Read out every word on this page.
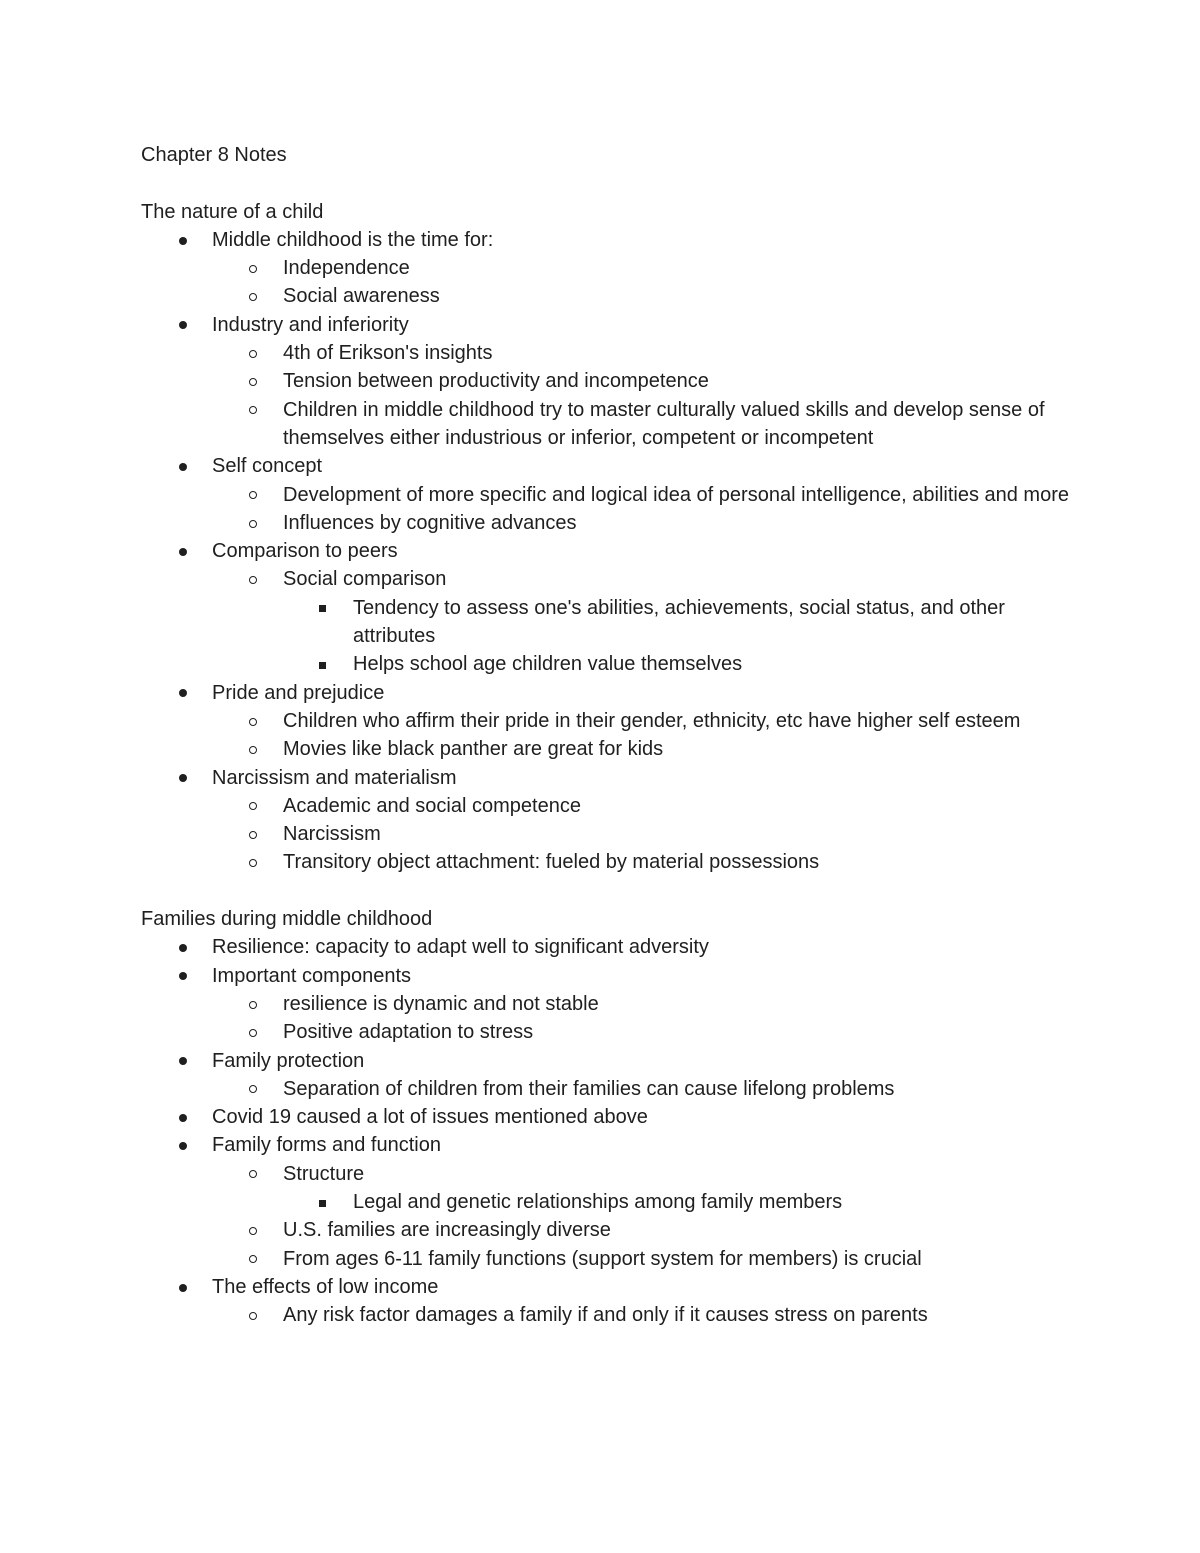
Chapter 8 Notes
The nature of a child
Middle childhood is the time for:
Independence
Social awareness
Industry and inferiority
4th of Erikson's insights
Tension between productivity and incompetence
Children in middle childhood try to master culturally valued skills and develop sense of themselves either industrious or inferior, competent or incompetent
Self concept
Development of more specific and logical idea of personal intelligence, abilities and more
Influences by cognitive advances
Comparison to peers
Social comparison
Tendency to assess one's abilities, achievements, social status, and other attributes
Helps school age children value themselves
Pride and prejudice
Children who affirm their pride in their gender, ethnicity, etc have higher self esteem
Movies like black panther are great for kids
Narcissism and materialism
Academic and social competence
Narcissism
Transitory object attachment: fueled by material possessions
Families during middle childhood
Resilience: capacity to adapt well to significant adversity
Important components
resilience is dynamic and not stable
Positive adaptation to stress
Family protection
Separation of children from their families can cause lifelong problems
Covid 19 caused a lot of issues mentioned above
Family forms and function
Structure
Legal and genetic relationships among family members
U.S. families are increasingly diverse
From ages 6-11 family functions (support system for members) is crucial
The effects of low income
Any risk factor damages a family if and only if it causes stress on parents
